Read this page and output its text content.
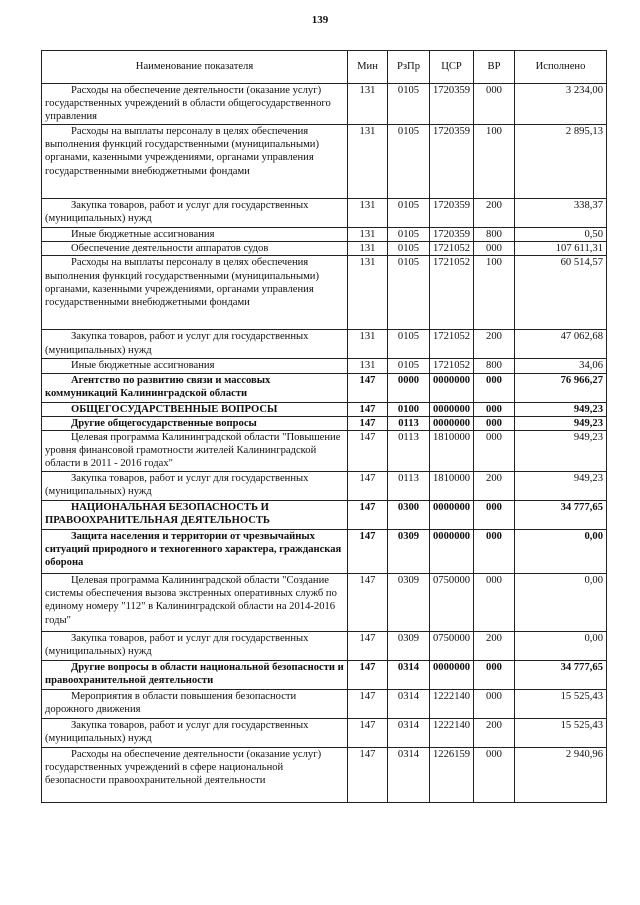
139
Наименование показателя	Мин	РзПр	ЦСР	ВР	Исполнено
Расходы на обеспечение деятельности (оказание услуг) государственных учреждений в области общегосударственного управления	131	0105	1720359	000	3 234,00
Расходы на выплаты персоналу в целях обеспечения выполнения функций государственными (муниципальными) органами, казенными учреждениями, органами управления государственными внебюджетными фондами	131	0105	1720359	100	2 895,13
Закупка товаров, работ и услуг для государственных (муниципальных) нужд	131	0105	1720359	200	338,37
Иные бюджетные ассигнования	131	0105	1720359	800	0,50
Обеспечение деятельности аппаратов судов	131	0105	1721052	000	107 611,31
Расходы на выплаты персоналу в целях обеспечения выполнения функций государственными (муниципальными) органами, казенными учреждениями, органами управления государственными внебюджетными фондами	131	0105	1721052	100	60 514,57
Закупка товаров, работ и услуг для государственных (муниципальных) нужд	131	0105	1721052	200	47 062,68
Иные бюджетные ассигнования	131	0105	1721052	800	34,06
Агентство по развитию связи и массовых коммуникаций Калининградской области	147	0000	0000000	000	76 966,27
ОБЩЕГОСУДАРСТВЕННЫЕ ВОПРОСЫ	147	0100	0000000	000	949,23
Другие общегосударственные вопросы	147	0113	0000000	000	949,23
Целевая программа Калининградской области "Повышение уровня финансовой грамотности жителей Калининградской области в 2011 - 2016 годах"	147	0113	1810000	000	949,23
Закупка товаров, работ и услуг для государственных (муниципальных) нужд	147	0113	1810000	200	949,23
НАЦИОНАЛЬНАЯ БЕЗОПАСНОСТЬ И ПРАВООХРАНИТЕЛЬНАЯ ДЕЯТЕЛЬНОСТЬ	147	0300	0000000	000	34 777,65
Защита населения и территории от чрезвычайных ситуаций природного и техногенного характера, гражданская оборона	147	0309	0000000	000	0,00
Целевая программа Калининградской области "Создание системы обеспечения вызова экстренных оперативных служб по единому номеру "112" в Калининградской области на 2014-2016 годы"	147	0309	0750000	000	0,00
Закупка товаров, работ и услуг для государственных (муниципальных) нужд	147	0309	0750000	200	0,00
Другие вопросы в области национальной безопасности и правоохранительной деятельности	147	0314	0000000	000	34 777,65
Мероприятия в области повышения безопасности дорожного движения	147	0314	1222140	000	15 525,43
Закупка товаров, работ и услуг для государственных (муниципальных) нужд	147	0314	1222140	200	15 525,43
Расходы на обеспечение деятельности (оказание услуг) государственных учреждений в сфере национальной безопасности правоохранительной деятельности	147	0314	1226159	000	2 940,96
